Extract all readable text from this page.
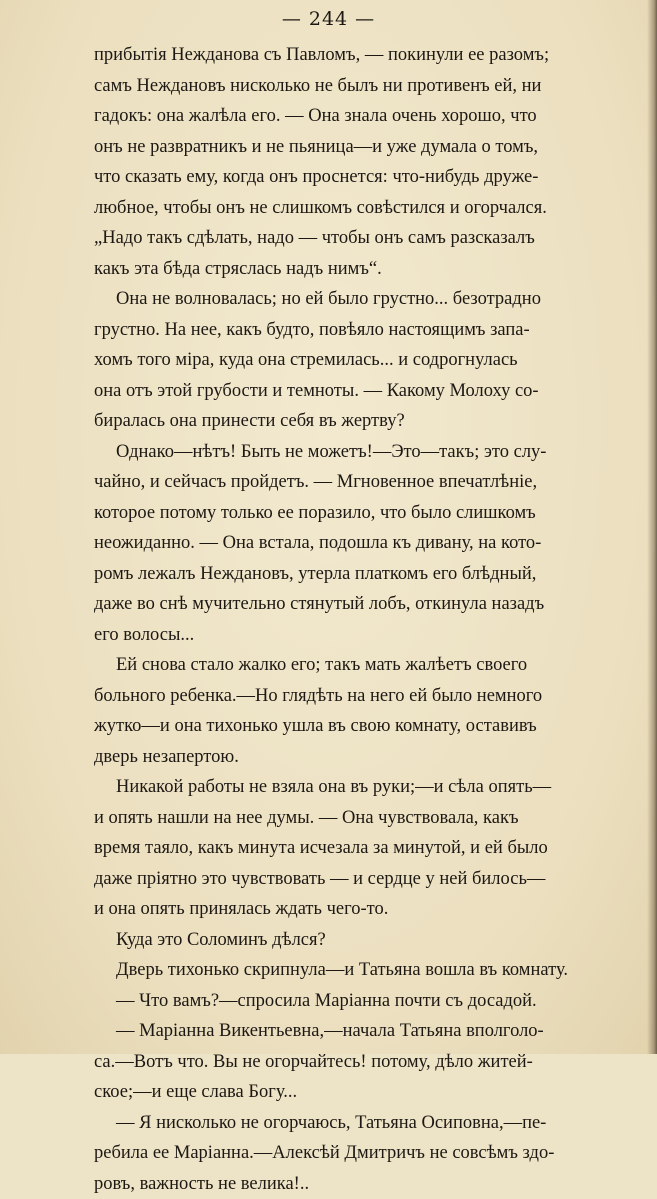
— 244 —
прибытія Нежданова съ Павломъ, — покинули ее разомъ;
самъ Неждановъ нисколько не былъ ни противенъ ей, ни
гадокъ: она жалѣла его. — Она знала очень хорошо, что
онъ не развратникъ и не пьяница—и уже думала о томъ,
что сказать ему, когда онъ проснется: что-нибудь друже-
любное, чтобы онъ не слишкомъ совѣстился и огорчался.
„Надо такъ сдѣлать, надо — чтобы онъ самъ разсказалъ
какъ эта бѣда стряслась надъ нимъ“.
Она не волновалась; но ей было грустно... безотрадно
грустно. На нее, какъ будто, повѣяло настоящимъ запа-
хомъ того міра, куда она стремилась... и содрогнулась
она отъ этой грубости и темноты. — Какому Молоху со-
биралась она принести себя въ жертву?
Однако—нѣтъ! Быть не можетъ!—Это—такъ; это слу-
чайно, и сейчасъ пройдетъ. — Мгновенное впечатлѣніе,
которое потому только ее поразило, что было слишкомъ
неожиданно. — Она встала, подошла къ дивану, на кото-
ромъ лежалъ Неждановъ, утерла платкомъ его блѣдный,
даже во снѣ мучительно стянутый лобъ, откинула назадъ
его волосы...
Ей снова стало жалко его; такъ мать жалѣетъ своего
больного ребенка.—Но глядѣть на него ей было немного
жутко—и она тихонько ушла въ свою комнату, оставивъ
дверь незапертою.
Никакой работы не взяла она въ руки;—и сѣла опять—
и опять нашли на нее думы. — Она чувствовала, какъ
время таяло, какъ минута исчезала за минутой, и ей было
даже пріятно это чувствовать — и сердце у ней билось—
и она опять принялась ждать чего-то.
Куда это Соломинъ дѣлся?
Дверь тихонько скрипнула—и Татьяна вошла въ комнату.
— Что вамъ?—спросила Маріанна почти съ досадой.
— Маріанна Викентьевна,—начала Татьяна вполголо-
са.—Вотъ что. Вы не огорчайтесь! потому, дѣло житей-
ское;—и еще слава Богу...
— Я нисколько не огорчаюсь, Татьяна Осиповна,—пе-
ребила ее Маріанна.—Алексѣй Дмитричъ не совсѣмъ здо-
ровъ, важность не велика!..
